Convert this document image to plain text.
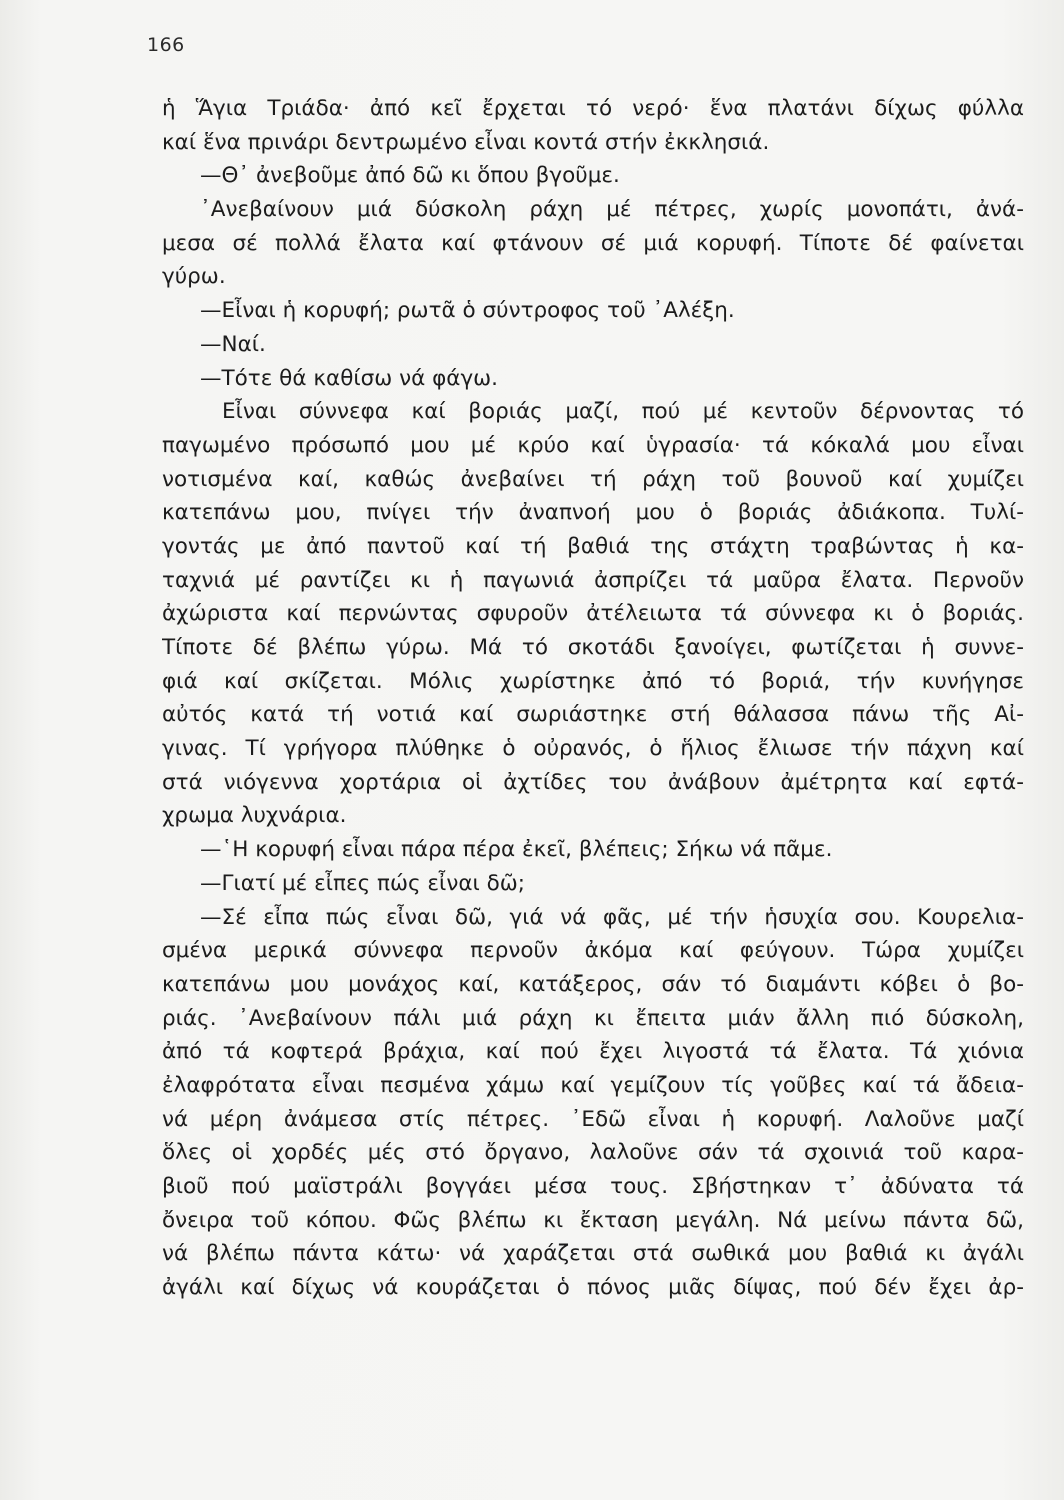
166
ἡ Ἅγια Τριάδα· ἀπό κεῖ ἔρχεται τό νερό· ἕνα πλατάνι δίχως φύλλα
καί ἕνα πρινάρι δεντρωμένο εἶναι κοντά στήν ἐκκλησιά.
—Θ᾽ ἀνεβοῦμε ἀπό δῶ κι ὅπου βγοῦμε.
᾽Ανεβαίνουν μιά δύσκολη ράχη μέ πέτρες, χωρίς μονοπάτι, ἀνά-
μεσα σέ πολλά ἔλατα καί φτάνουν σέ μιά κορυφή. Τίποτε δέ φαίνεται
γύρω.
—Εἶναι ἡ κορυφή; ρωτᾶ ὁ σύντροφος τοῦ ᾽Αλέξη.
—Ναί.
—Τότε θά καθίσω νά φάγω.
Εἶναι σύννεφα καί βοριάς μαζί, πού μέ κεντοῦν δέρνοντας τό
παγωμένο πρόσωπό μου μέ κρύο καί ὑγρασία· τά κόκαλά μου εἶναι
νοτισμένα καί, καθώς ἀνεβαίνει τή ράχη τοῦ βουνοῦ καί χυμίζει
κατεπάνω μου, πνίγει τήν ἀναπνοή μου ὁ βοριάς ἀδιάκοπα. Τυλί-
γοντάς με ἀπό παντοῦ καί τή βαθιά της στάχτη τραβώντας ἡ κα-
ταχνιά μέ ραντίζει κι ἡ παγωνιά ἀσπρίζει τά μαῦρα ἔλατα. Περνοῦν
ἀχώριστα καί περνώντας σφυροῦν ἀτέλειωτα τά σύννεφα κι ὁ βοριάς.
Τίποτε δέ βλέπω γύρω. Μά τό σκοτάδι ξανοίγει, φωτίζεται ἡ συννε-
φιά καί σκίζεται. Μόλις χωρίστηκε ἀπό τό βοριά, τήν κυνήγησε
αὐτός κατά τή νοτιά καί σωριάστηκε στή θάλασσα πάνω τῆς Αἰ-
γινας. Τί γρήγορα πλύθηκε ὁ οὐρανός, ὁ ἥλιος ἔλιωσε τήν πάχνη καί
στά νιόγεννα χορτάρια οἱ ἀχτίδες του ἀνάβουν ἀμέτρητα καί εφτά-
χρωμα λυχνάρια.
—῾Η κορυφή εἶναι πάρα πέρα ἐκεῖ, βλέπεις; Σήκω νά πᾶμε.
—Γιατί μέ εἶπες πώς εἶναι δῶ;
—Σέ εἶπα πώς εἶναι δῶ, γιά νά φᾶς, μέ τήν ἡσυχία σου. Κουρελια-
σμένα μερικά σύννεφα περνοῦν ἀκόμα καί φεύγουν. Τώρα χυμίζει
κατεπάνω μου μονάχος καί, κατάξερος, σάν τό διαμάντι κόβει ὁ βο-
ριάς. ᾽Ανεβαίνουν πάλι μιά ράχη κι ἔπειτα μιάν ἄλλη πιό δύσκολη,
ἀπό τά κοφτερά βράχια, καί πού ἔχει λιγοστά τά ἔλατα. Τά χιόνια
ἐλαφρότατα εἶναι πεσμένα χάμω καί γεμίζουν τίς γοῦβες καί τά ἄδεια-
νά μέρη ἀνάμεσα στίς πέτρες. ᾽Εδῶ εἶναι ἡ κορυφή. Λαλοῦνε μαζί
ὅλες οἱ χορδές μές στό ὄργανο, λαλοῦνε σάν τά σχοινιά τοῦ καρα-
βιοῦ πού μαϊστράλι βογγάει μέσα τους. Σβήστηκαν τ᾽ ἀδύνατα τά
ὄνειρα τοῦ κόπου. Φῶς βλέπω κι ἔκταση μεγάλη. Νά μείνω πάντα δῶ,
νά βλέπω πάντα κάτω· νά χαράζεται στά σωθικά μου βαθιά κι ἀγάλι
ἀγάλι καί δίχως νά κουράζεται ὁ πόνος μιᾶς δίψας, πού δέν ἔχει ἀρ-
